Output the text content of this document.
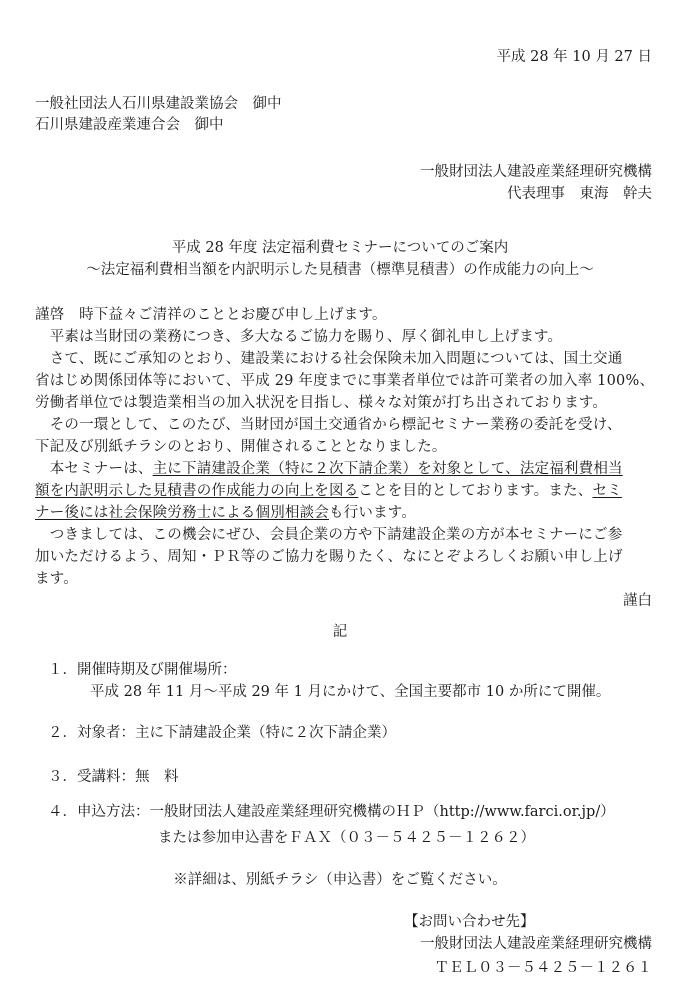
平成 28 年 10 月 27 日
一般社団法人石川県建設業協会　御中
石川県建設産業連合会　御中
一般財団法人建設産業経理研究機構
代表理事　東海　幹夫
平成 28 年度 法定福利費セミナーについてのご案内
～法定福利費相当額を内訳明示した見積書（標準見積書）の作成能力の向上～
謹啓　時下益々ご清祥のこととお慶び申し上げます。
　平素は当財団の業務につき、多大なるご協力を賜り、厚く御礼申し上げます。
　さて、既にご承知のとおり、建設業における社会保険未加入問題については、国土交通
省はじめ関係団体等において、平成 29 年度までに事業者単位では許可業者の加入率 100%、
労働者単位では製造業相当の加入状況を目指し、様々な対策が打ち出されております。
　その一環として、このたび、当財団が国土交通省から標記セミナー業務の委託を受け、
下記及び別紙チラシのとおり、開催されることとなりました。
　本セミナーは、主に下請建設企業（特に２次下請企業）を対象として、法定福利費相当
額を内訳明示した見積書の作成能力の向上を図ることを目的としております。また、セミ
ナー後には社会保険労務士による個別相談会も行います。
　つきましては、この機会にぜひ、会員企業の方や下請建設企業の方が本セミナーにご参
加いただけるよう、周知・ＰＲ等のご協力を賜りたく、なにとぞよろしくお願い申し上げ
ます。
謹白
記
１．開催時期及び開催場所：
平成 28 年 11 月～平成 29 年 1 月にかけて、全国主要都市 10 か所にて開催。
２．対象者：主に下請建設企業（特に２次下請企業）
３．受講料：無　料
４．申込方法：一般財団法人建設産業経理研究機構のＨＰ（http://www.farci.or.jp/）
または参加申込書をＦＡＸ（０３－５４２５－１２６２）
※詳細は、別紙チラシ（申込書）をご覧ください。
【お問い合わせ先】
一般財団法人建設産業経理研究機構
ＴＥＬ０３－５４２５－１２６１
